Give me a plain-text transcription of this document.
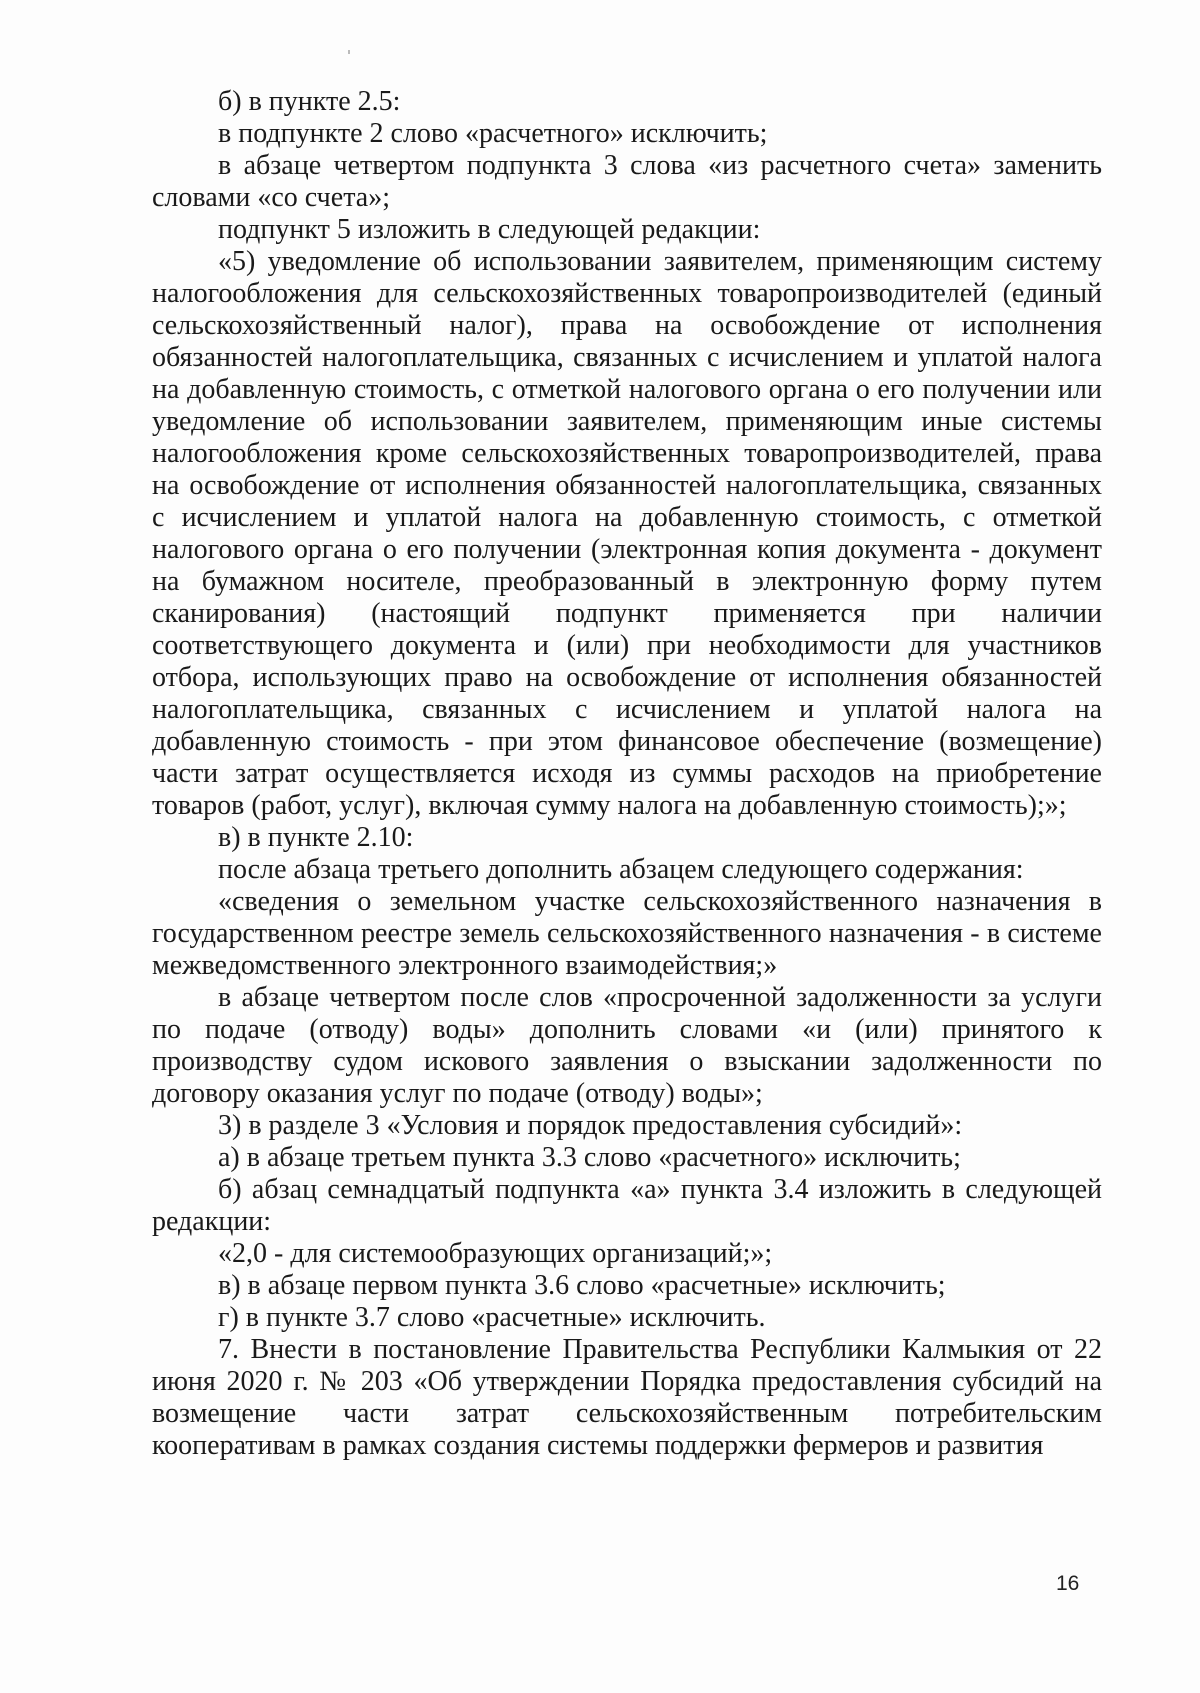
б) в пункте 2.5:

в подпункте 2 слово «расчетного» исключить;

в абзаце четвертом подпункта 3 слова «из расчетного счета» заменить словами «со счета»;

подпункт 5 изложить в следующей редакции:

«5) уведомление об использовании заявителем, применяющим систему налогообложения для сельскохозяйственных товаропроизводителей (единый сельскохозяйственный налог), права на освобождение от исполнения обязанностей налогоплательщика, связанных с исчислением и уплатой налога на добавленную стоимость, с отметкой налогового органа о его получении или уведомление об использовании заявителем, применяющим иные системы налогообложения кроме сельскохозяйственных товаропроизводителей, права на освобождение от исполнения обязанностей налогоплательщика, связанных с исчислением и уплатой налога на добавленную стоимость, с отметкой налогового органа о его получении (электронная копия документа - документ на бумажном носителе, преобразованный в электронную форму путем сканирования) (настоящий подпункт применяется при наличии соответствующего документа и (или) при необходимости для участников отбора, использующих право на освобождение от исполнения обязанностей налогоплательщика, связанных с исчислением и уплатой налога на добавленную стоимость - при этом финансовое обеспечение (возмещение) части затрат осуществляется исходя из суммы расходов на приобретение товаров (работ, услуг), включая сумму налога на добавленную стоимость);»;

в) в пункте 2.10:

после абзаца третьего дополнить абзацем следующего содержания:

«сведения о земельном участке сельскохозяйственного назначения в государственном реестре земель сельскохозяйственного назначения - в системе межведомственного электронного взаимодействия;»

в абзаце четвертом после слов «просроченной задолженности за услуги по подаче (отводу) воды» дополнить словами «и (или) принятого к производству судом искового заявления о взыскании задолженности по договору оказания услуг по подаче (отводу) воды»;

3) в разделе 3 «Условия и порядок предоставления субсидий»:

а) в абзаце третьем пункта 3.3 слово «расчетного» исключить;

б) абзац семнадцатый подпункта «а» пункта 3.4 изложить в следующей редакции:

«2,0 - для системообразующих организаций;»;

в) в абзаце первом пункта 3.6 слово «расчетные» исключить;

г) в пункте 3.7 слово «расчетные» исключить.

7. Внести в постановление Правительства Республики Калмыкия от 22 июня 2020 г. № 203 «Об утверждении Порядка предоставления субсидий на возмещение части затрат сельскохозяйственным потребительским кооперативам в рамках создания системы поддержки фермеров и развития

16
